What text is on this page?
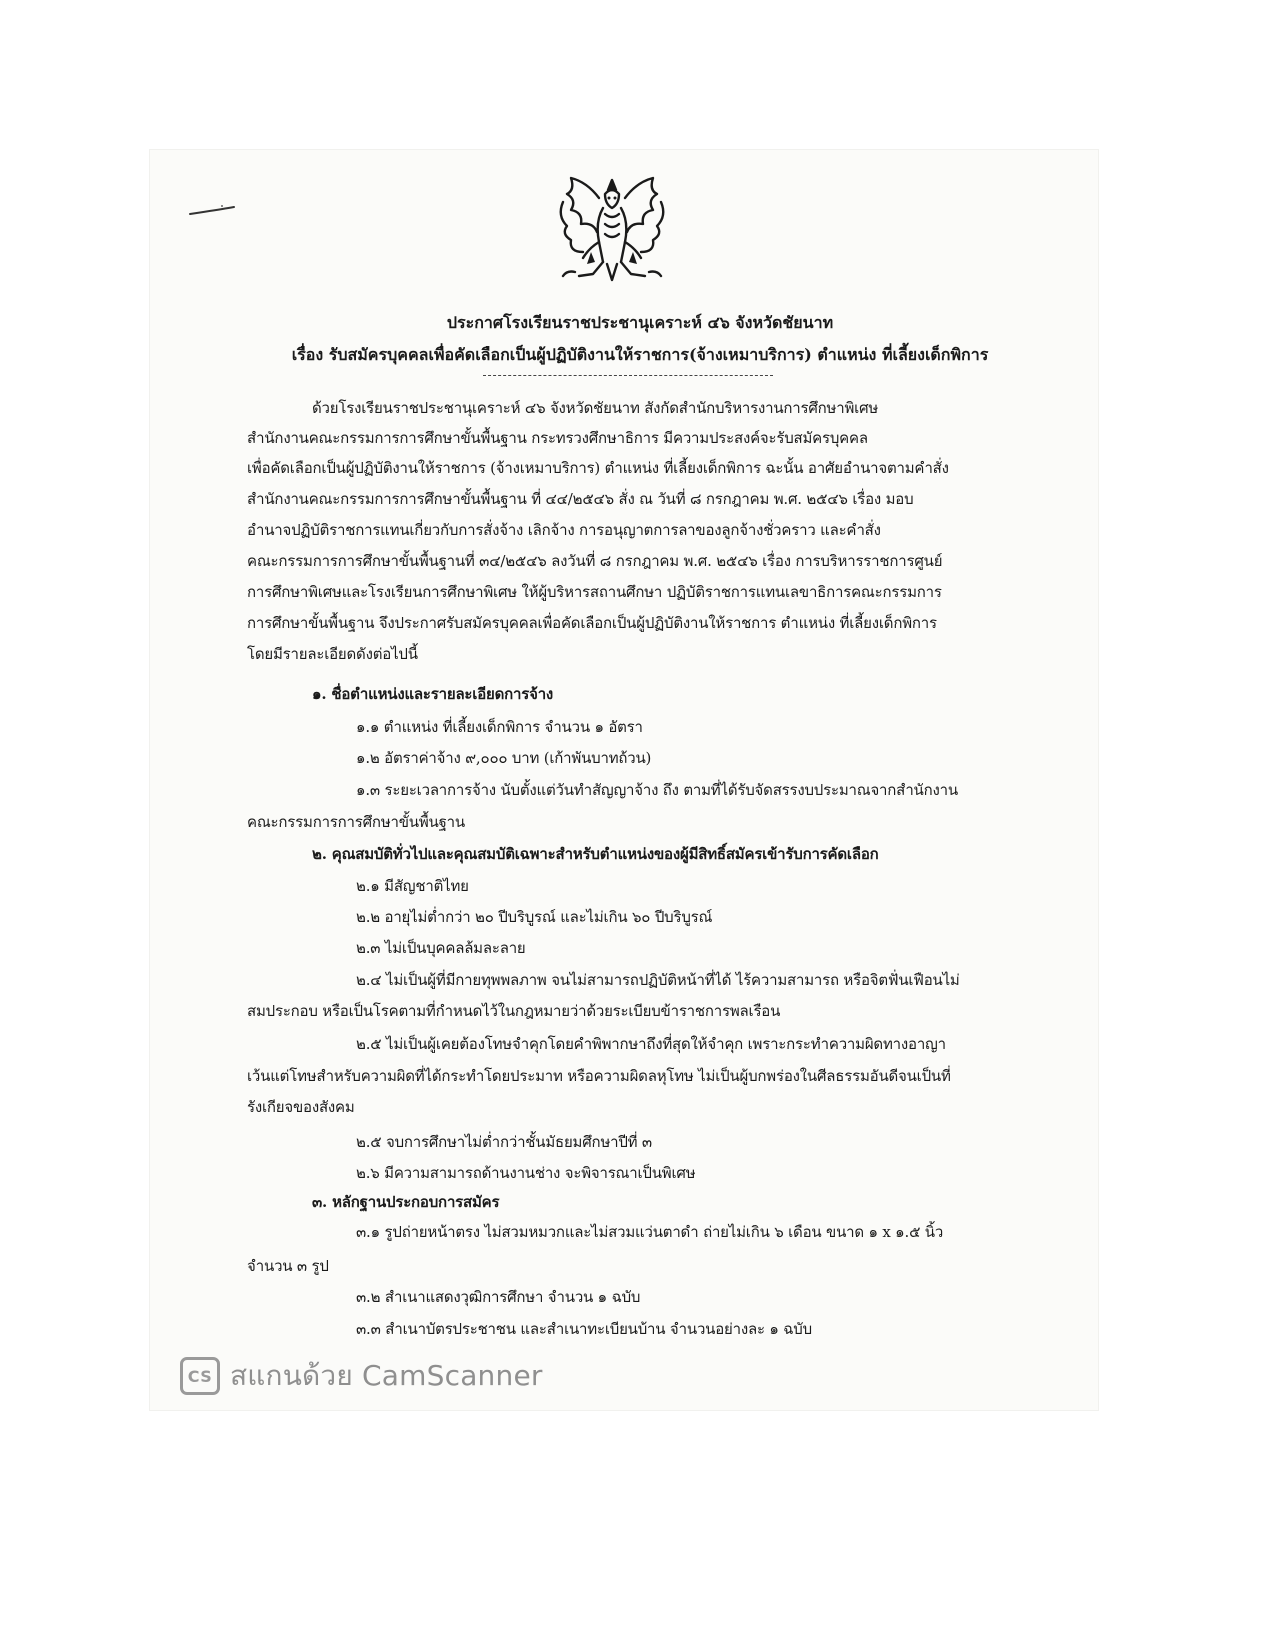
ประกาศโรงเรียนราชประชานุเคราะห์ ๔๖ จังหวัดชัยนาท
เรื่อง รับสมัครบุคคลเพื่อคัดเลือกเป็นผู้ปฏิบัติงานให้ราชการ(จ้างเหมาบริการ) ตำแหน่ง ที่เลี้ยงเด็กพิการ

ด้วยโรงเรียนราชประชานุเคราะห์ ๔๖ จังหวัดชัยนาท สังกัดสำนักบริหารงานการศึกษาพิเศษ

สำนักงานคณะกรรมการการศึกษาขั้นพื้นฐาน กระทรวงศึกษาธิการ มีความประสงค์จะรับสมัครบุคคล

เพื่อคัดเลือกเป็นผู้ปฏิบัติงานให้ราชการ (จ้างเหมาบริการ) ตำแหน่ง ที่เลี้ยงเด็กพิการ ฉะนั้น อาศัยอำนาจตามคำสั่ง

สำนักงานคณะกรรมการการศึกษาขั้นพื้นฐาน ที่ ๔๔/๒๕๔๖ สั่ง ณ วันที่ ๘ กรกฎาคม พ.ศ. ๒๕๔๖ เรื่อง มอบ

อำนาจปฏิบัติราชการแทนเกี่ยวกับการสั่งจ้าง เลิกจ้าง การอนุญาตการลาของลูกจ้างชั่วคราว และคำสั่ง

คณะกรรมการการศึกษาขั้นพื้นฐานที่ ๓๔/๒๕๔๖ ลงวันที่ ๘ กรกฎาคม พ.ศ. ๒๕๔๖ เรื่อง การบริหารราชการศูนย์

การศึกษาพิเศษและโรงเรียนการศึกษาพิเศษ ให้ผู้บริหารสถานศึกษา ปฏิบัติราชการแทนเลขาธิการคณะกรรมการ

การศึกษาขั้นพื้นฐาน จึงประกาศรับสมัครบุคคลเพื่อคัดเลือกเป็นผู้ปฏิบัติงานให้ราชการ ตำแหน่ง ที่เลี้ยงเด็กพิการ

โดยมีรายละเอียดดังต่อไปนี้

๑. ชื่อตำแหน่งและรายละเอียดการจ้าง

๑.๑ ตำแหน่ง ที่เลี้ยงเด็กพิการ จำนวน ๑ อัตรา

๑.๒ อัตราค่าจ้าง ๙,๐๐๐ บาท (เก้าพันบาทถ้วน)

๑.๓ ระยะเวลาการจ้าง นับตั้งแต่วันทำสัญญาจ้าง ถึง ตามที่ได้รับจัดสรรงบประมาณจากสำนักงาน

คณะกรรมการการศึกษาขั้นพื้นฐาน

๒. คุณสมบัติทั่วไปและคุณสมบัติเฉพาะสำหรับตำแหน่งของผู้มีสิทธิ์สมัครเข้ารับการคัดเลือก

๒.๑ มีสัญชาติไทย

๒.๒ อายุไม่ต่ำกว่า ๒๐ ปีบริบูรณ์ และไม่เกิน ๖๐ ปีบริบูรณ์

๒.๓ ไม่เป็นบุคคลล้มละลาย

๒.๔ ไม่เป็นผู้ที่มีกายทุพพลภาพ จนไม่สามารถปฏิบัติหน้าที่ได้ ไร้ความสามารถ หรือจิตฟั่นเฟือนไม่

สมประกอบ หรือเป็นโรคตามที่กำหนดไว้ในกฎหมายว่าด้วยระเบียบข้าราชการพลเรือน

๒.๕ ไม่เป็นผู้เคยต้องโทษจำคุกโดยคำพิพากษาถึงที่สุดให้จำคุก เพราะกระทำความผิดทางอาญา

เว้นแต่โทษสำหรับความผิดที่ได้กระทำโดยประมาท หรือความผิดลหุโทษ ไม่เป็นผู้บกพร่องในศีลธรรมอันดีจนเป็นที่

รังเกียจของสังคม

๒.๕ จบการศึกษาไม่ต่ำกว่าชั้นมัธยมศึกษาปีที่ ๓

๒.๖ มีความสามารถด้านงานช่าง จะพิจารณาเป็นพิเศษ

๓. หลักฐานประกอบการสมัคร

๓.๑ รูปถ่ายหน้าตรง ไม่สวมหมวกและไม่สวมแว่นตาดำ ถ่ายไม่เกิน ๖ เดือน ขนาด ๑ x ๑.๕ นิ้ว

จำนวน ๓ รูป

๓.๒ สำเนาแสดงวุฒิการศึกษา จำนวน ๑ ฉบับ

๓.๓ สำเนาบัตรประชาชน และสำเนาทะเบียนบ้าน จำนวนอย่างละ ๑ ฉบับ

CS สแกนด้วย CamScanner
